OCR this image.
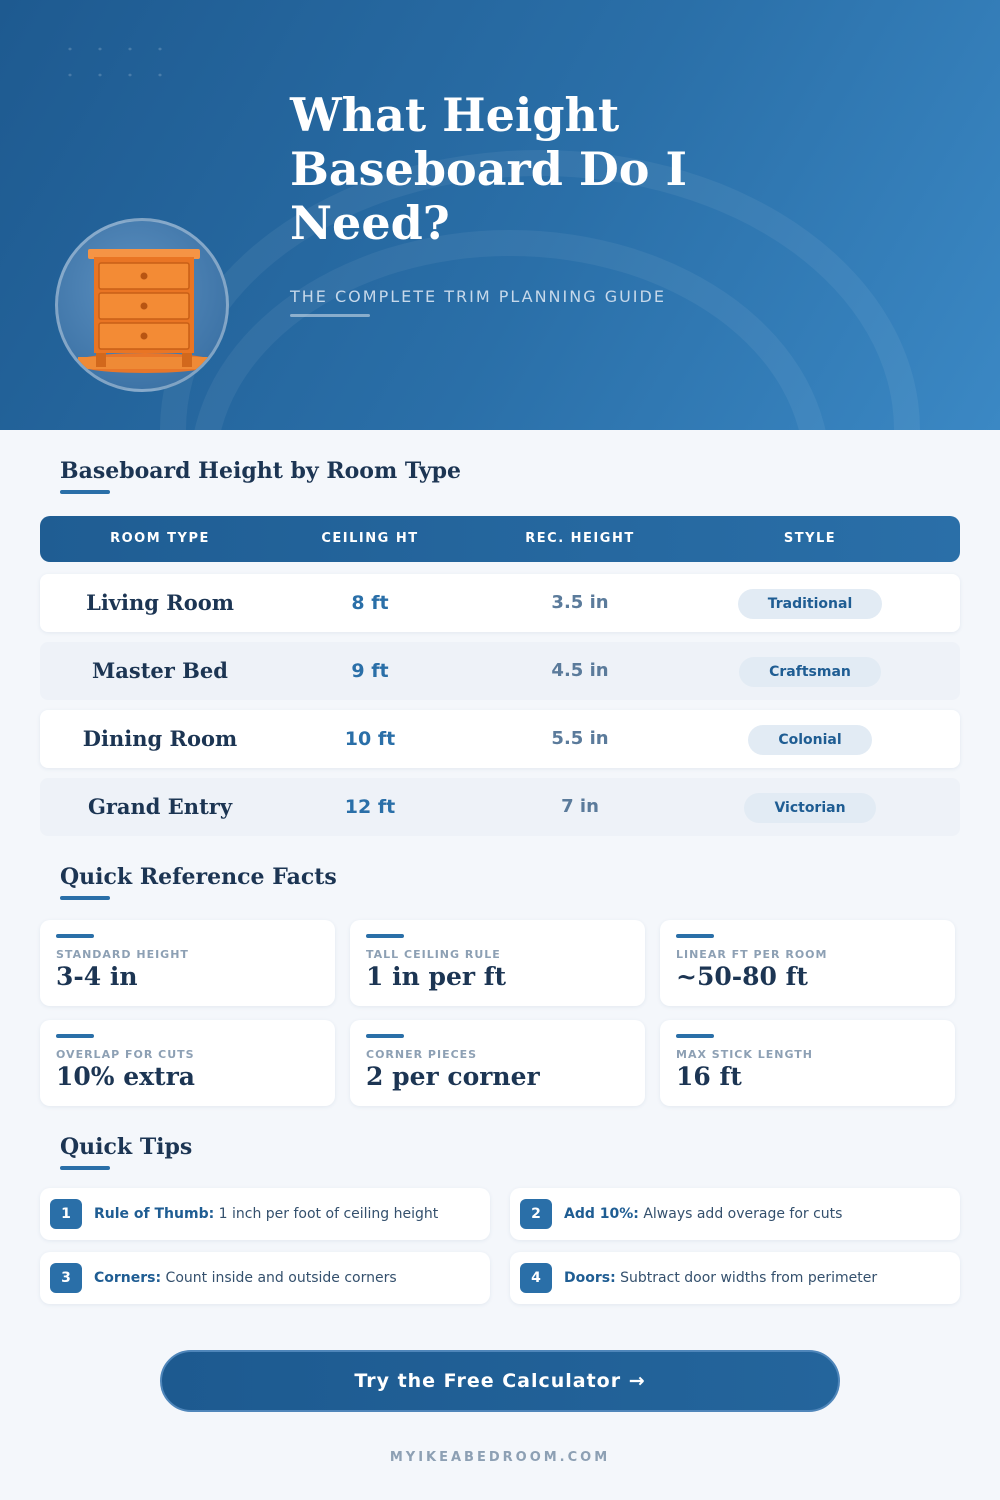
What Height Baseboard Do I Need?
THE COMPLETE TRIM PLANNING GUIDE
Baseboard Height by Room Type
ROOM TYPE	CEILING HT	REC. HEIGHT	STYLE
Living Room	8 ft	3.5 in	Traditional
Master Bed	9 ft	4.5 in	Craftsman
Dining Room	10 ft	5.5 in	Colonial
Grand Entry	12 ft	7 in	Victorian
Quick Reference Facts
STANDARD HEIGHT
3-4 in
TALL CEILING RULE
1 in per ft
LINEAR FT PER ROOM
~50-80 ft
OVERLAP FOR CUTS
10% extra
CORNER PIECES
2 per corner
MAX STICK LENGTH
16 ft
Quick Tips
1	Rule of Thumb: 1 inch per foot of ceiling height	2	Add 10%: Always add overage for cuts
3	Corners: Count inside and outside corners	4	Doors: Subtract door widths from perimeter
Try the Free Calculator →
MYIKEABEDROOM.COM
